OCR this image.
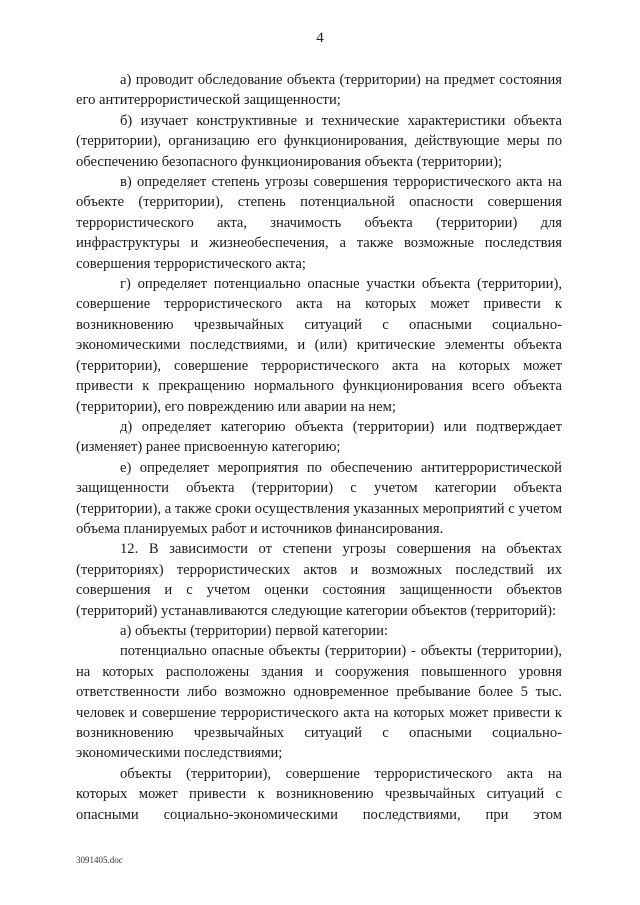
4

а) проводит обследование объекта (территории) на предмет состояния его антитеррористической защищенности;

б) изучает конструктивные и технические характеристики объекта (территории), организацию его функционирования, действующие меры по обеспечению безопасного функционирования объекта (территории);

в) определяет степень угрозы совершения террористического акта на объекте (территории), степень потенциальной опасности совершения террористического акта, значимость объекта (территории) для инфраструктуры и жизнеобеспечения, а также возможные последствия совершения террористического акта;

г) определяет потенциально опасные участки объекта (территории), совершение террористического акта на которых может привести к возникновению чрезвычайных ситуаций с опасными социально-экономическими последствиями, и (или) критические элементы объекта (территории), совершение террористического акта на которых может привести к прекращению нормального функционирования всего объекта (территории), его повреждению или аварии на нем;

д) определяет категорию объекта (территории) или подтверждает (изменяет) ранее присвоенную категорию;

е) определяет мероприятия по обеспечению антитеррористической защищенности объекта (территории) с учетом категории объекта (территории), а также сроки осуществления указанных мероприятий с учетом объема планируемых работ и источников финансирования.

12. В зависимости от степени угрозы совершения на объектах (территориях) террористических актов и возможных последствий их совершения и с учетом оценки состояния защищенности объектов (территорий) устанавливаются следующие категории объектов (территорий):

а) объекты (территории) первой категории:

потенциально опасные объекты (территории) - объекты (территории), на которых расположены здания и сооружения повышенного уровня ответственности либо возможно одновременное пребывание более 5 тыс. человек и совершение террористического акта на которых может привести к возникновению чрезвычайных ситуаций с опасными социально-экономическими последствиями;

объекты (территории), совершение террористического акта на которых может привести к возникновению чрезвычайных ситуаций с опасными социально-экономическими последствиями, при этом

3091405.doc
